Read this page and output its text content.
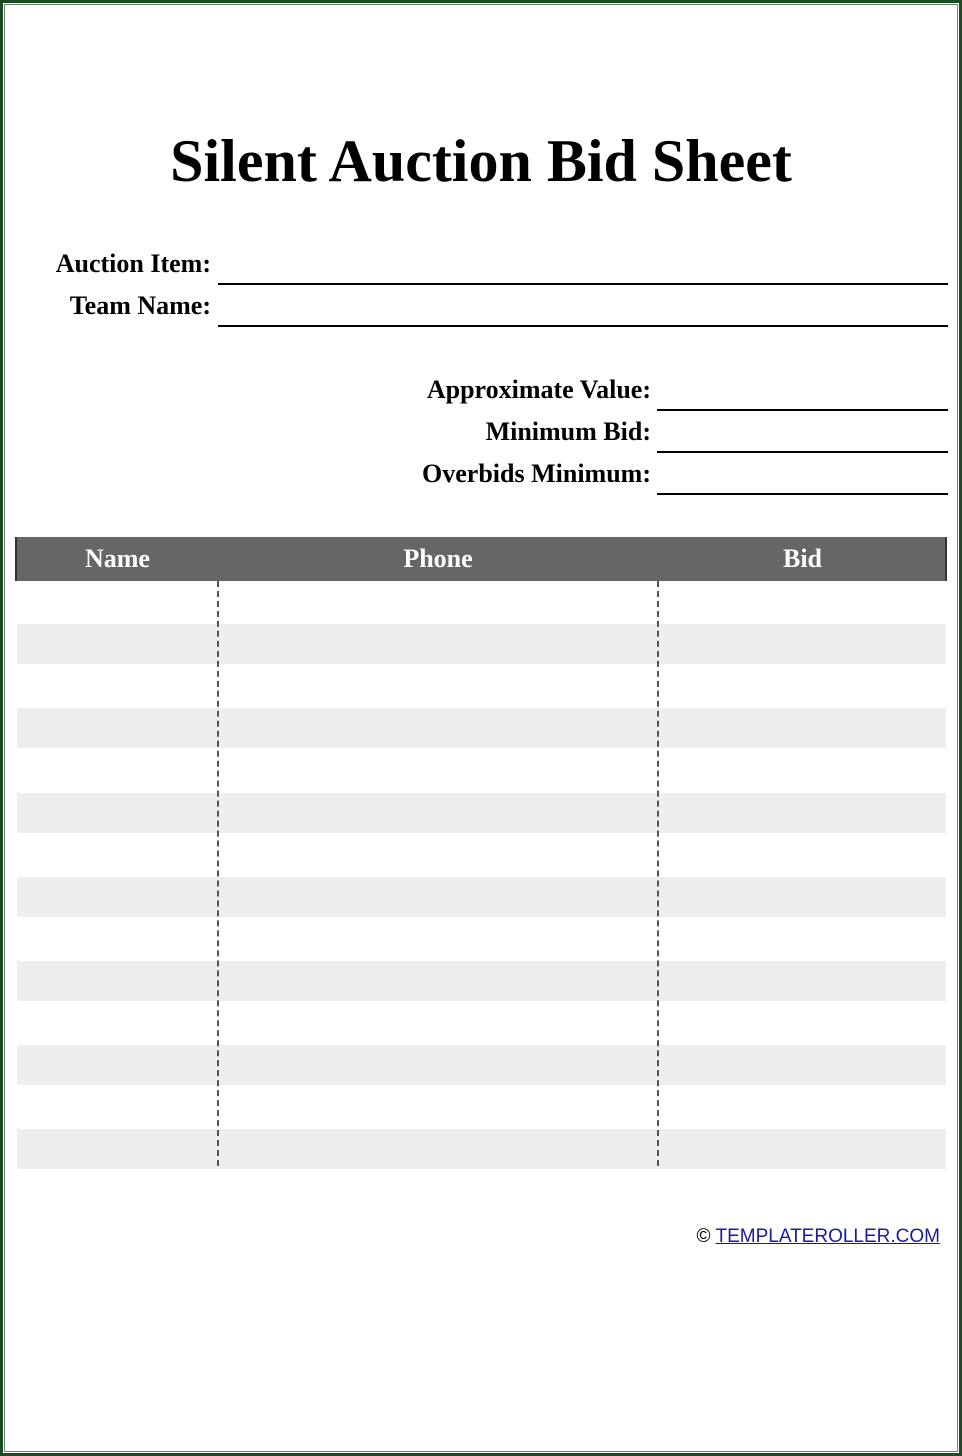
Silent Auction Bid Sheet
Auction Item:
Team Name:
Approximate Value:
Minimum Bid:
Overbids Minimum:
Name	Phone	Bid
© TEMPLATEROLLER.COM
